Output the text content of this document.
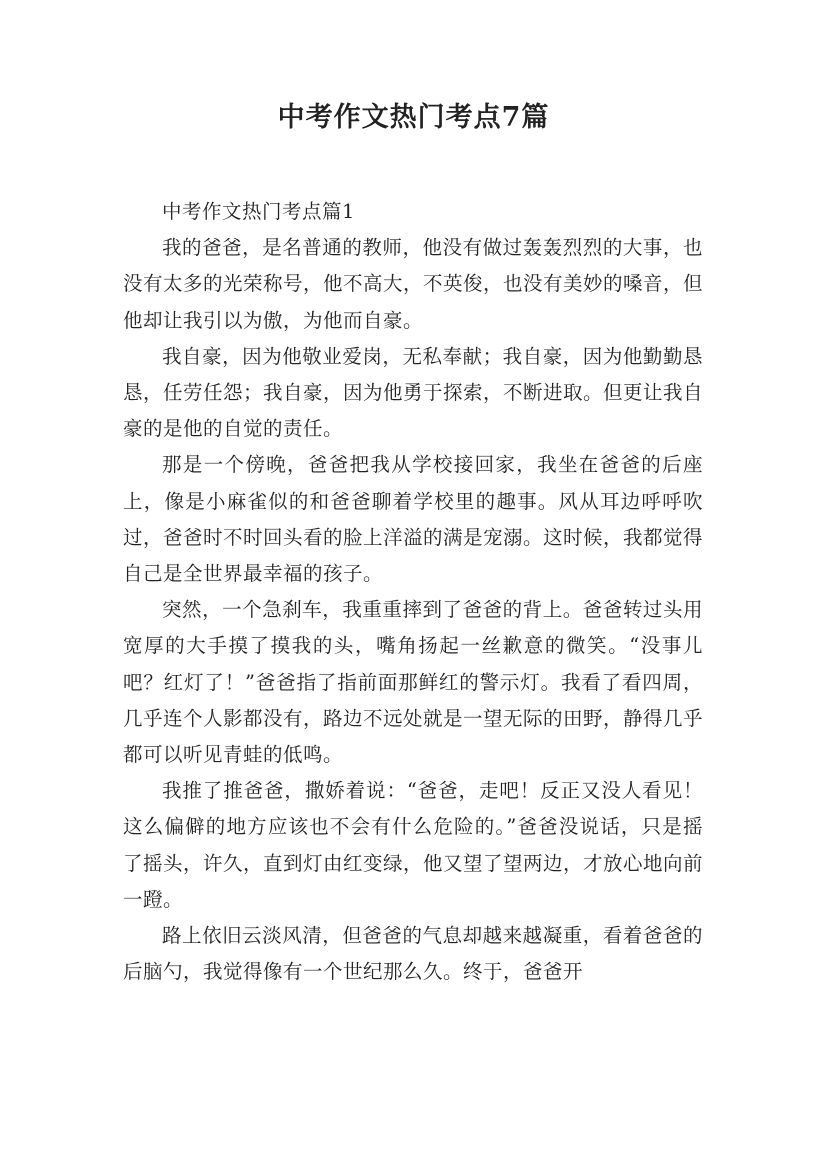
中考作文热门考点7篇

中考作文热门考点篇1

我的爸爸，是名普通的教师，他没有做过轰轰烈烈的大事，也没有太多的光荣称号，他不高大，不英俊，也没有美妙的嗓音，但他却让我引以为傲，为他而自豪。

我自豪，因为他敬业爱岗，无私奉献；我自豪，因为他勤勤恳恳，任劳任怨；我自豪，因为他勇于探索，不断进取。但更让我自豪的是他的自觉的责任。

那是一个傍晚，爸爸把我从学校接回家，我坐在爸爸的后座上，像是小麻雀似的和爸爸聊着学校里的趣事。风从耳边呼呼吹过，爸爸时不时回头看的脸上洋溢的满是宠溺。这时候，我都觉得自己是全世界最幸福的孩子。

突然，一个急刹车，我重重摔到了爸爸的背上。爸爸转过头用宽厚的大手摸了摸我的头，嘴角扬起一丝歉意的微笑。“没事儿吧？红灯了！”爸爸指了指前面那鲜红的警示灯。我看了看四周，几乎连个人影都没有，路边不远处就是一望无际的田野，静得几乎都可以听见青蛙的低鸣。

我推了推爸爸，撒娇着说：“爸爸，走吧！反正又没人看见！这么偏僻的地方应该也不会有什么危险的。”爸爸没说话，只是摇了摇头，许久，直到灯由红变绿，他又望了望两边，才放心地向前一蹬。

路上依旧云淡风清，但爸爸的气息却越来越凝重，看着爸爸的后脑勺，我觉得像有一个世纪那么久。终于，爸爸开
